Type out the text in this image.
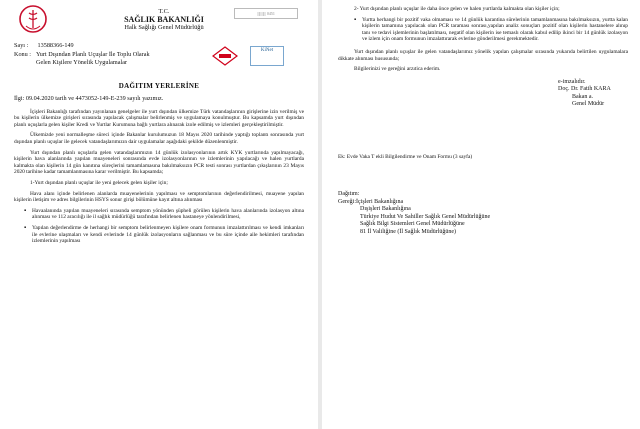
T.C.
SAĞLIK BAKANLIĞI
Halk Sağlığı Genel Müdürlüğü
||||||||||| 0451
Sayı : 13588366-149
Konu : Yurt Dışından Planlı Uçuşlar İle Toplu Olarak Gelen Kişilere Yönelik Uygulamalar
KiNet
DAĞITIM YERLERİNE

İlgi: 09.04.2020 tarih ve 4473052-149-E-239 sayılı yazımız.

İçişleri Bakanlığı tarafından yayınlanan genelgeler ile yurt dışından ülkemize Türk vatandaşlarının girişlerine izin verilmiş ve bu kişilerin ülkemize girişleri sırasında yapılacak çalışmalar belirlenmiş ve uygulamaya konulmuştur. Bu kapsamda yurt dışından planlı uçuşlarla gelen kişiler Kredi ve Yurtlar Kurumuna bağlı yurtlara alınarak izole edilmiş ve izlemleri gerçekleştirilmiştir.

Ülkemizde yeni normalleşme süreci içinde Bakanlar kurulumuzun 18 Mayıs 2020 tarihinde yaptığı toplantı sonrasında yurt dışından planlı uçuşlar ile gelecek vatandaşlarımızın dair uygulamalar aşağıdaki şekilde düzenlenmiştir.

Yurt dışından planlı uçuşlarla gelen vatandaşlarımızın 14 günlük izolasyonlarının artık KYK yurtlarında yapılmayacağı, kişilerin hava alanlarında yapılan muayeneleri sonrasında evde izolasyonlarının ve izlemlerinin yapılacağı ve halen yurtlarda kalmakta olan kişilerin 14 gün kanıtına süreçlerini tamamlamasına bakılmaksızın PCR testi sonrası yurtlardan çıkışlarının 23 Mayıs 2020 tarihine kadar tamamlanmasına karar verilmiştir. Bu kapsamda;

1-Yurt dışından planlı uçuşlar ile yeni gelecek gelen kişiler için;

Hava alanı içinde belirlenen alanlarda muayenelerinin yapılması ve semptomlarının değerlendirilmesi, muayene yapılan kişilerin iletişim ve adres bilgilerinin HSYS sonur girişi bölümüne kayıt altına alınması

▪ Havaalanında yapılan muayeneleri sırasında semptom yönünden şüpheli görülen kişilerin hava alanlarında izolasyon altına alınması ve 112 aracılığı ile il sağlık müdürlüğü tarafından belirlenen hastaneye yönlendirilmesi,
▪ Yapılan değerlendirme de herhangi bir semptom belirlenmeyen kişilere onam formunun imzalattırılması ve kendi imkanları ile evlerine ulaşmaları ve kendi evlerinde 14 günlük izolasyonların sağlanması ve bu süre içinde aile hekimleri tarafından izlemlerinin yapılması

2- Yurt dışından planlı uçuşlar ile daha önce gelen ve halen yurtlarda kalmakta olan kişiler için;

▪ Yurtta herhangi bir pozitif vaka olmaması ve 14 günlük karantina sürelerinin tamamlanmasına bakılmaksızın, yurtta kalan kişilerin tamamına yapılacak olan PCR taraması sonrası,yapılan analiz sonuçları pozitif olan kişilerin hastanelere alınıp tanı ve tedavi işlemlerinin başlatılması, negatif olan kişilerin ise temaslı olarak kabul edilip ikinci bir 14 günlük izolasyon ve izlem için onam formunun imzalattırarak evlerine gönderilmesi gerekmektedir.

Yurt dışından planlı uçuşlar ile gelen vatandaşlarımız yönelik yapılan çalışmalar sırasında yukarıda belirtilen uygulamalara dikkate alınması hususunda;

Bilgilerinizi ve gereğini arzıtica ederim.

e-imzalıdır.
Doç. Dr. Fatih KARA
Bakan a.
Genel Müdür

Ek: Evde Vaka T ekli Bilgilendirme ve Onam Formu (3 sayfa)

Dağıtım:
Gereği:İçişleri Bakanlığına
Dışişleri Bakanlığına
Türkiye Hudut Ve Sahiller Sağlık Genel Müdürlüğüne
Sağlık Bilgi Sistemleri Genel Müdürlüğüne
81 İl Valiliğine (İl Sağlık Müdürlüğüne)
